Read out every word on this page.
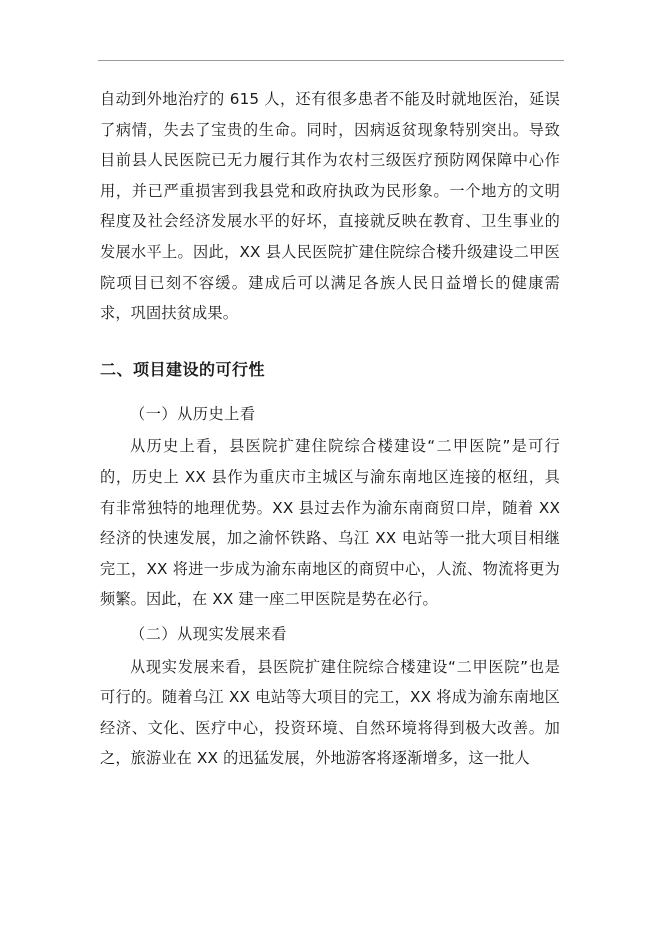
自动到外地治疗的 615 人，还有很多患者不能及时就地医治，延误了病情，失去了宝贵的生命。同时，因病返贫现象特别突出。导致目前县人民医院已无力履行其作为农村三级医疗预防网保障中心作用，并已严重损害到我县党和政府执政为民形象。一个地方的文明程度及社会经济发展水平的好坏，直接就反映在教育、卫生事业的发展水平上。因此，XX 县人民医院扩建住院综合楼升级建设二甲医院项目已刻不容缓。建成后可以满足各族人民日益增长的健康需求，巩固扶贫成果。

二、项目建设的可行性
（一）从历史上看

从历史上看，县医院扩建住院综合楼建设“二甲医院”是可行的，历史上 XX 县作为重庆市主城区与渝东南地区连接的枢纽，具有非常独特的地理优势。XX 县过去作为渝东南商贸口岸，随着 XX 经济的快速发展，加之渝怀铁路、乌江 XX 电站等一批大项目相继完工，XX 将进一步成为渝东南地区的商贸中心，人流、物流将更为频繁。因此，在 XX 建一座二甲医院是势在必行。

（二）从现实发展来看

从现实发展来看，县医院扩建住院综合楼建设“二甲医院”也是可行的。随着乌江 XX 电站等大项目的完工，XX 将成为渝东南地区经济、文化、医疗中心，投资环境、自然环境将得到极大改善。加之，旅游业在 XX 的迅猛发展，外地游客将逐渐增多，这一批人
